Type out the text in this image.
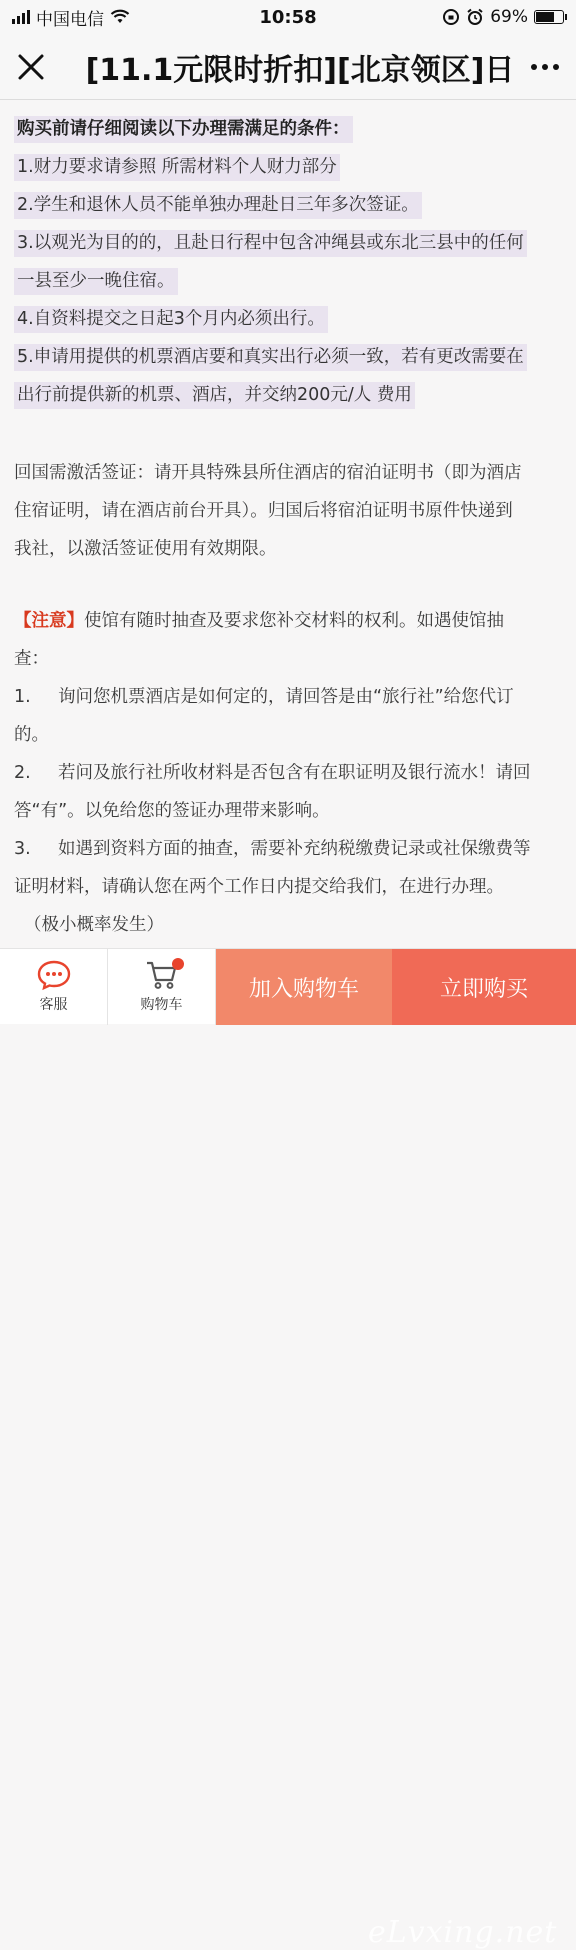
中国电信	10:58	69%
[11.1元限时折扣][北京领区]日
购买前请仔细阅读以下办理需满足的条件：
1.财力要求请参照 所需材料个人财力部分
2.学生和退休人员不能单独办理赴日三年多次签证。
3.以观光为目的的，且赴日行程中包含冲绳县或东北三县中的任何
一县至少一晚住宿。
4.自资料提交之日起3个月内必须出行。
5.申请用提供的机票酒店要和真实出行必须一致，若有更改需要在
出行前提供新的机票、酒店，并交纳200元/人 费用
回国需激活签证：请开具特殊县所住酒店的宿泊证明书（即为酒店
住宿证明，请在酒店前台开具）。归国后将宿泊证明书原件快递到
我社，以激活签证使用有效期限。
【注意】使馆有随时抽查及要求您补交材料的权利。如遇使馆抽
查：
1. 询问您机票酒店是如何定的，请回答是由“旅行社”给您代订
的。
2. 若问及旅行社所收材料是否包含有在职证明及银行流水！请回
答“有”。以免给您的签证办理带来影响。
3. 如遇到资料方面的抽查，需要补充纳税缴费记录或社保缴费等
证明材料，请确认您在两个工作日内提交给我们，在进行办理。
（极小概率发生）
客服	购物车
加入购物车	立即购买
eLvxing.net
